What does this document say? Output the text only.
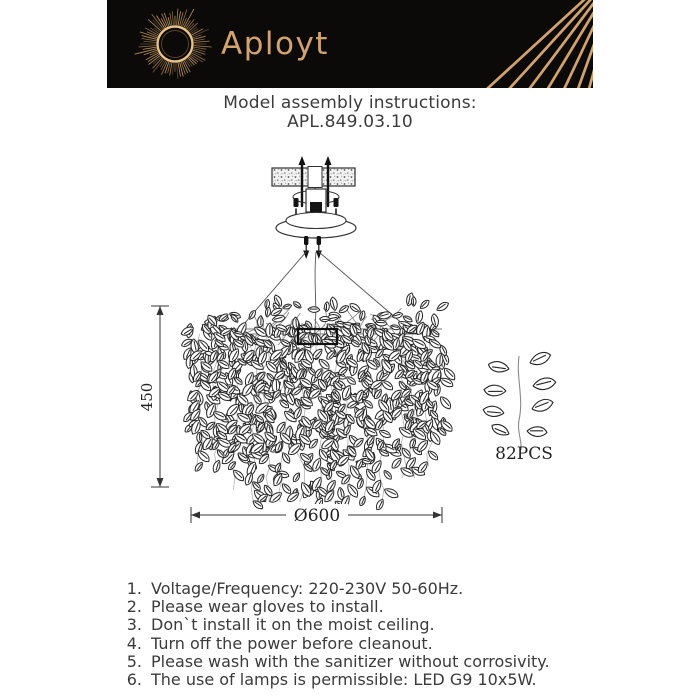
Aployt
Model assembly instructions:
APL.849.03.10
450
Ø600
82PCS
1. Voltage/Frequency: 220-230V 50-60Hz.
2. Please wear gloves to install.
3. Don`t install it on the moist ceiling.
4. Turn off the power before cleanout.
5. Please wash with the sanitizer without corrosivity.
6. The use of lamps is permissible: LED G9 10x5W.
